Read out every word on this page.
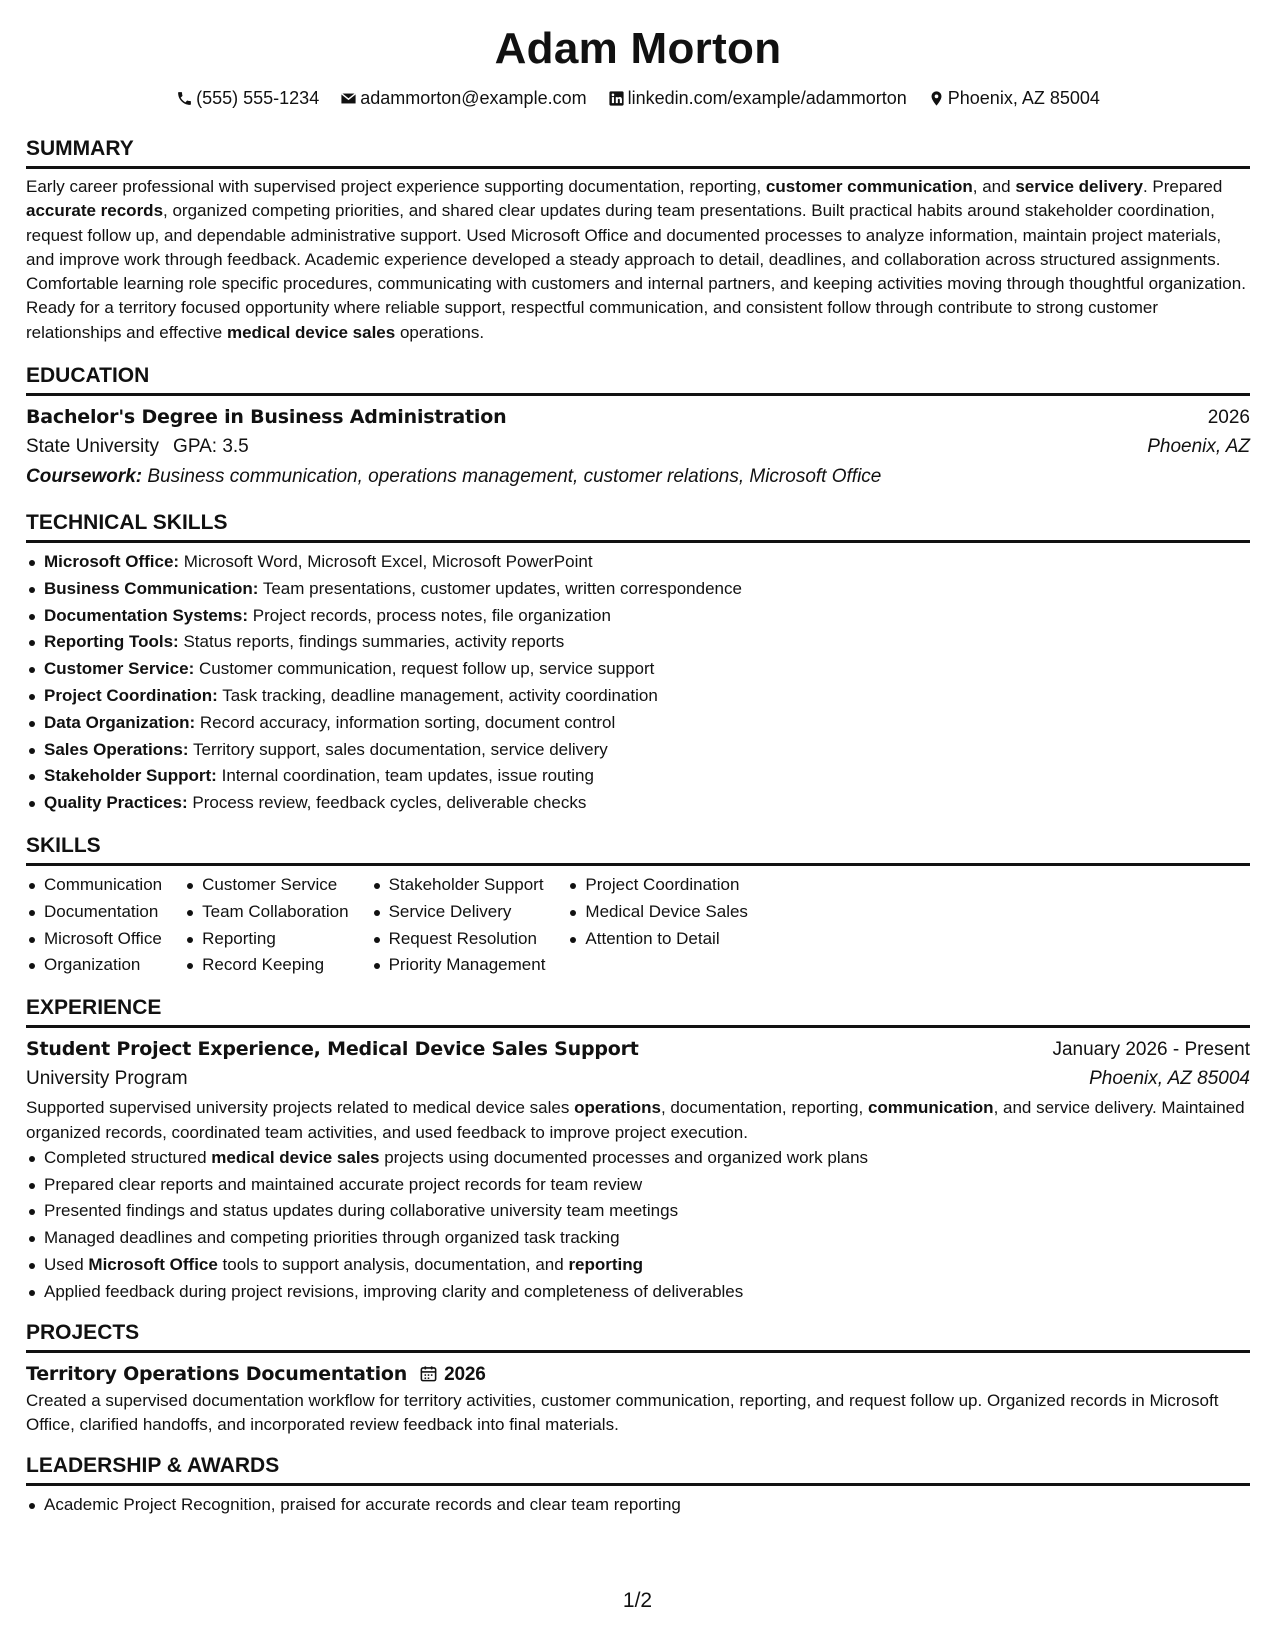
Adam Morton
(555) 555-1234 adammorton@example.com linkedin.com/example/adammorton Phoenix, AZ 85004
SUMMARY

Early career professional with supervised project experience supporting documentation, reporting, customer communication, and service delivery. Prepared accurate records, organized competing priorities, and shared clear updates during team presentations. Built practical habits around stakeholder coordination, request follow up, and dependable administrative support. Used Microsoft Office and documented processes to analyze information, maintain project materials, and improve work through feedback. Academic experience developed a steady approach to detail, deadlines, and collaboration across structured assignments. Comfortable learning role specific procedures, communicating with customers and internal partners, and keeping activities moving through thoughtful organization. Ready for a territory focused opportunity where reliable support, respectful communication, and consistent follow through contribute to strong customer relationships and effective medical device sales operations.

EDUCATION
Bachelor's Degree in Business Administration	2026
State University GPA: 3.5	Phoenix, AZ
Coursework: Business communication, operations management, customer relations, Microsoft Office
TECHNICAL SKILLS
Microsoft Office: Microsoft Word, Microsoft Excel, Microsoft PowerPoint
Business Communication: Team presentations, customer updates, written correspondence
Documentation Systems: Project records, process notes, file organization
Reporting Tools: Status reports, findings summaries, activity reports
Customer Service: Customer communication, request follow up, service support
Project Coordination: Task tracking, deadline management, activity coordination
Data Organization: Record accuracy, information sorting, document control
Sales Operations: Territory support, sales documentation, service delivery
Stakeholder Support: Internal coordination, team updates, issue routing
Quality Practices: Process review, feedback cycles, deliverable checks
SKILLS
Communication
Documentation
Microsoft Office
Organization
Customer Service
Team Collaboration
Reporting
Record Keeping
Stakeholder Support
Service Delivery
Request Resolution
Priority Management
Project Coordination
Medical Device Sales
Attention to Detail
EXPERIENCE
Student Project Experience, Medical Device Sales Support	January 2026 - Present
University Program	Phoenix, AZ 85004

Supported supervised university projects related to medical device sales operations, documentation, reporting, communication, and service delivery. Maintained organized records, coordinated team activities, and used feedback to improve project execution.

Completed structured medical device sales projects using documented processes and organized work plans
Prepared clear reports and maintained accurate project records for team review
Presented findings and status updates during collaborative university team meetings
Managed deadlines and competing priorities through organized task tracking
Used Microsoft Office tools to support analysis, documentation, and reporting
Applied feedback during project revisions, improving clarity and completeness of deliverables
PROJECTS
Territory Operations Documentation 2026

Created a supervised documentation workflow for territory activities, customer communication, reporting, and request follow up. Organized records in Microsoft Office, clarified handoffs, and incorporated review feedback into final materials.

LEADERSHIP & AWARDS
Academic Project Recognition, praised for accurate records and clear team reporting
1/2
